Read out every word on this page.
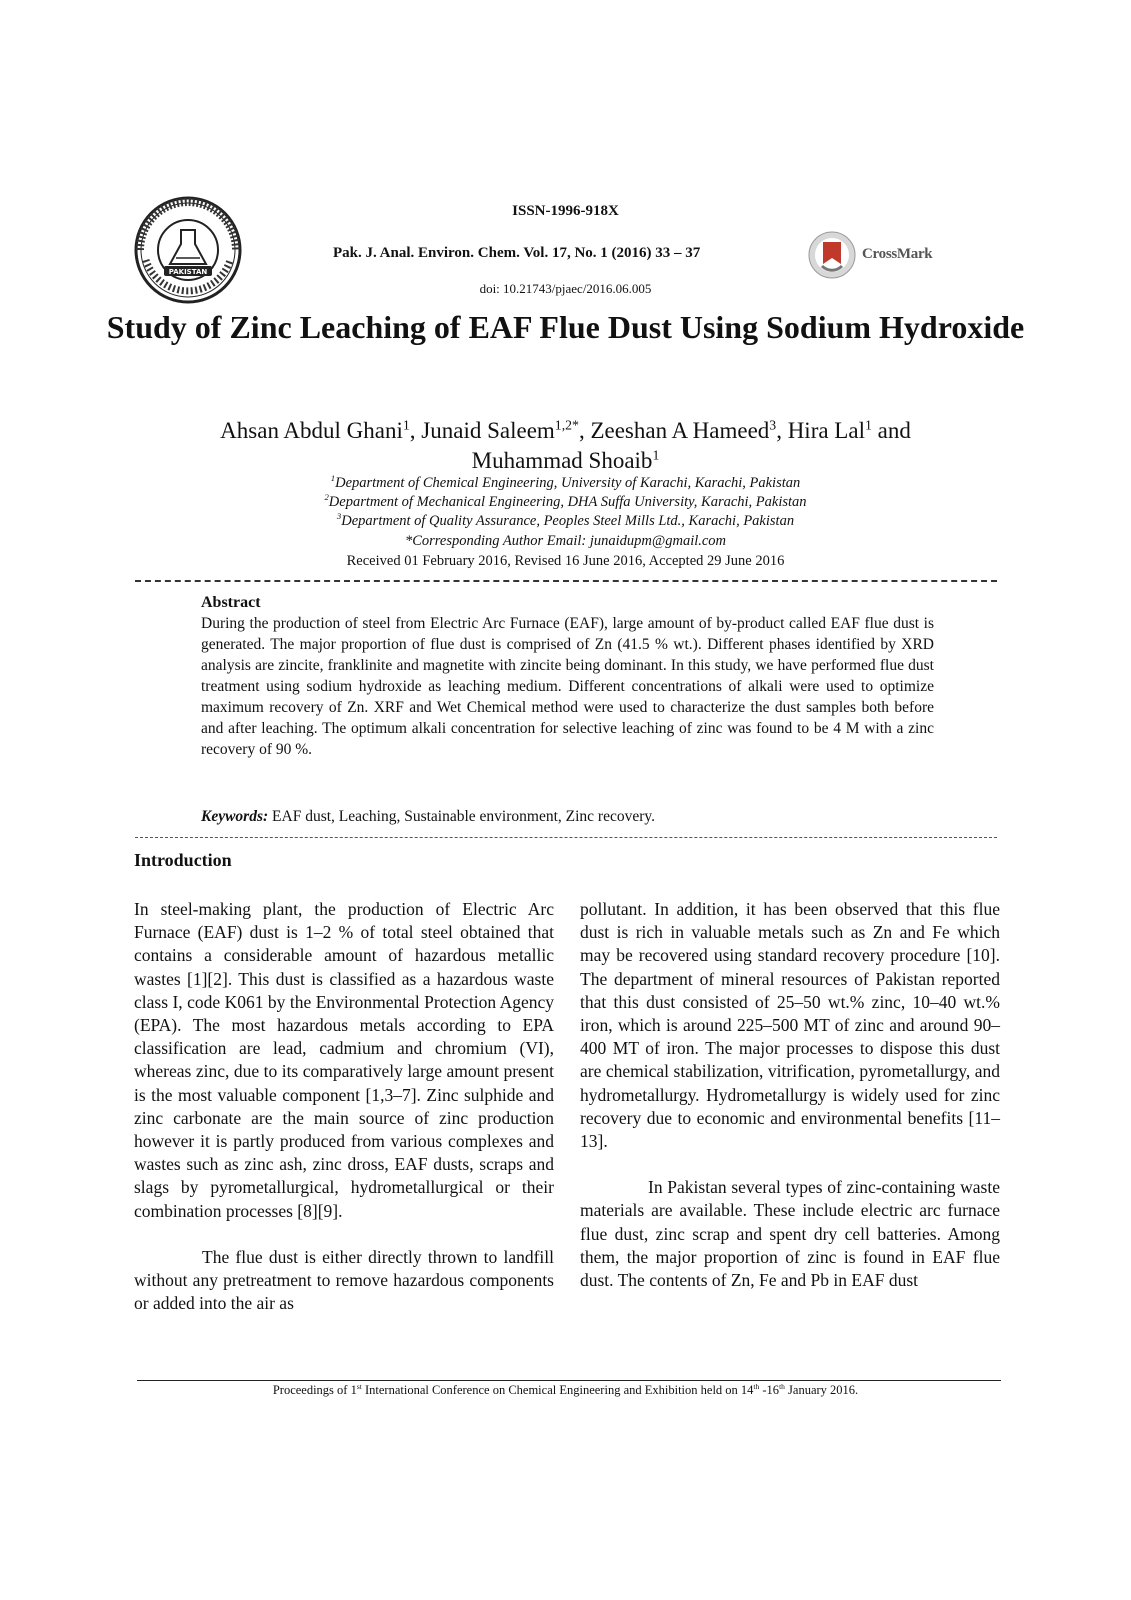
PAKISTAN
ISSN-1996-918X
Pak. J. Anal. Environ. Chem. Vol. 17, No. 1 (2016) 33 – 37
doi: 10.21743/pjaec/2016.06.005
CrossMark
Study of Zinc Leaching of EAF Flue Dust Using Sodium Hydroxide
Ahsan Abdul Ghani$^1$, Junaid Saleem$^{1,2*}$, Zeeshan A Hameed$^3$, Hira Lal$^1$ and
Muhammad Shoaib$^1$
$^1$Department of Chemical Engineering, University of Karachi, Karachi, Pakistan
$^2$Department of Mechanical Engineering, DHA Suffa University, Karachi, Pakistan
$^3$Department of Quality Assurance, Peoples Steel Mills Ltd., Karachi, Pakistan
*Corresponding Author Email: junaidupm@gmail.com
Received 01 February 2016, Revised 16 June 2016, Accepted 29 June 2016
Abstract
During the production of steel from Electric Arc Furnace (EAF), large amount of by-product called EAF flue dust is generated. The major proportion of flue dust is comprised of Zn (41.5 % wt.). Different phases identified by XRD analysis are zincite, franklinite and magnetite with zincite being dominant. In this study, we have performed flue dust treatment using sodium hydroxide as leaching medium. Different concentrations of alkali were used to optimize maximum recovery of Zn. XRF and Wet Chemical method were used to characterize the dust samples both before and after leaching. The optimum alkali concentration for selective leaching of zinc was found to be 4 M with a zinc recovery of 90 %.
Keywords: EAF dust, Leaching, Sustainable environment, Zinc recovery.
Introduction

In steel-making plant, the production of Electric Arc Furnace (EAF) dust is 1–2 % of total steel obtained that contains a considerable amount of hazardous metallic wastes [1][2]. This dust is classified as a hazardous waste class I, code K061 by the Environmental Protection Agency (EPA). The most hazardous metals according to EPA classification are lead, cadmium and chromium (VI), whereas zinc, due to its comparatively large amount present is the most valuable component [1,3–7]. Zinc sulphide and zinc carbonate are the main source of zinc production however it is partly produced from various complexes and wastes such as zinc ash, zinc dross, EAF dusts, scraps and slags by pyrometallurgical, hydrometallurgical or their combination processes [8][9].

The flue dust is either directly thrown to landfill without any pretreatment to remove hazardous components or added into the air as

pollutant. In addition, it has been observed that this flue dust is rich in valuable metals such as Zn and Fe which may be recovered using standard recovery procedure [10]. The department of mineral resources of Pakistan reported that this dust consisted of 25–50 wt.% zinc, 10–40 wt.% iron, which is around 225–500 MT of zinc and around 90–400 MT of iron. The major processes to dispose this dust are chemical stabilization, vitrification, pyrometallurgy, and hydrometallurgy. Hydrometallurgy is widely used for zinc recovery due to economic and environmental benefits [11–13].

In Pakistan several types of zinc-containing waste materials are available. These include electric arc furnace flue dust, zinc scrap and spent dry cell batteries. Among them, the major proportion of zinc is found in EAF flue dust. The contents of Zn, Fe and Pb in EAF dust

Proceedings of 1st International Conference on Chemical Engineering and Exhibition held on 14th -16th January 2016.
